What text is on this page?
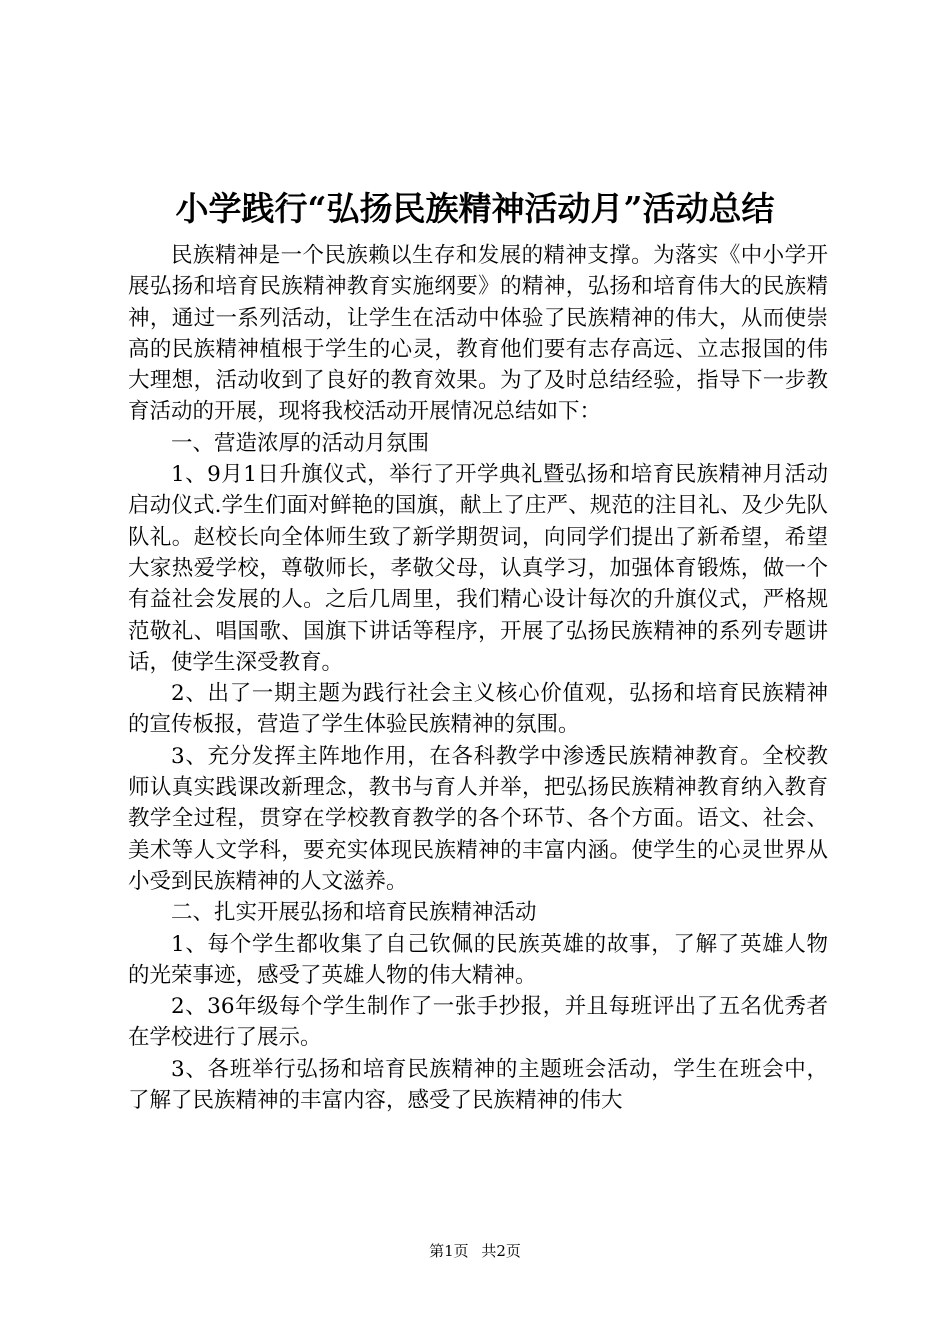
小学践行“弘扬民族精神活动月”活动总结

民族精神是一个民族赖以生存和发展的精神支撑。为落实《中小学开展弘扬和培育民族精神教育实施纲要》的精神，弘扬和培育伟大的民族精神，通过一系列活动，让学生在活动中体验了民族精神的伟大，从而使崇高的民族精神植根于学生的心灵，教育他们要有志存高远、立志报国的伟大理想，活动收到了良好的教育效果。为了及时总结经验，指导下一步教育活动的开展，现将我校活动开展情况总结如下：

一、营造浓厚的活动月氛围

1、9月1日升旗仪式，举行了开学典礼暨弘扬和培育民族精神月活动启动仪式.学生们面对鲜艳的国旗，献上了庄严、规范的注目礼、及少先队队礼。赵校长向全体师生致了新学期贺词，向同学们提出了新希望，希望大家热爱学校，尊敬师长，孝敬父母，认真学习，加强体育锻炼，做一个有益社会发展的人。之后几周里，我们精心设计每次的升旗仪式，严格规范敬礼、唱国歌、国旗下讲话等程序，开展了弘扬民族精神的系列专题讲话，使学生深受教育。

2、出了一期主题为践行社会主义核心价值观，弘扬和培育民族精神的宣传板报，营造了学生体验民族精神的氛围。

3、充分发挥主阵地作用，在各科教学中渗透民族精神教育。全校教师认真实践课改新理念，教书与育人并举，把弘扬民族精神教育纳入教育教学全过程，贯穿在学校教育教学的各个环节、各个方面。语文、社会、美术等人文学科，要充实体现民族精神的丰富内涵。使学生的心灵世界从小受到民族精神的人文滋养。

二、扎实开展弘扬和培育民族精神活动

1、每个学生都收集了自己钦佩的民族英雄的故事，了解了英雄人物的光荣事迹，感受了英雄人物的伟大精神。

2、36年级每个学生制作了一张手抄报，并且每班评出了五名优秀者在学校进行了展示。

3、各班举行弘扬和培育民族精神的主题班会活动，学生在班会中，了解了民族精神的丰富内容，感受了民族精神的伟大

第1页 共2页
